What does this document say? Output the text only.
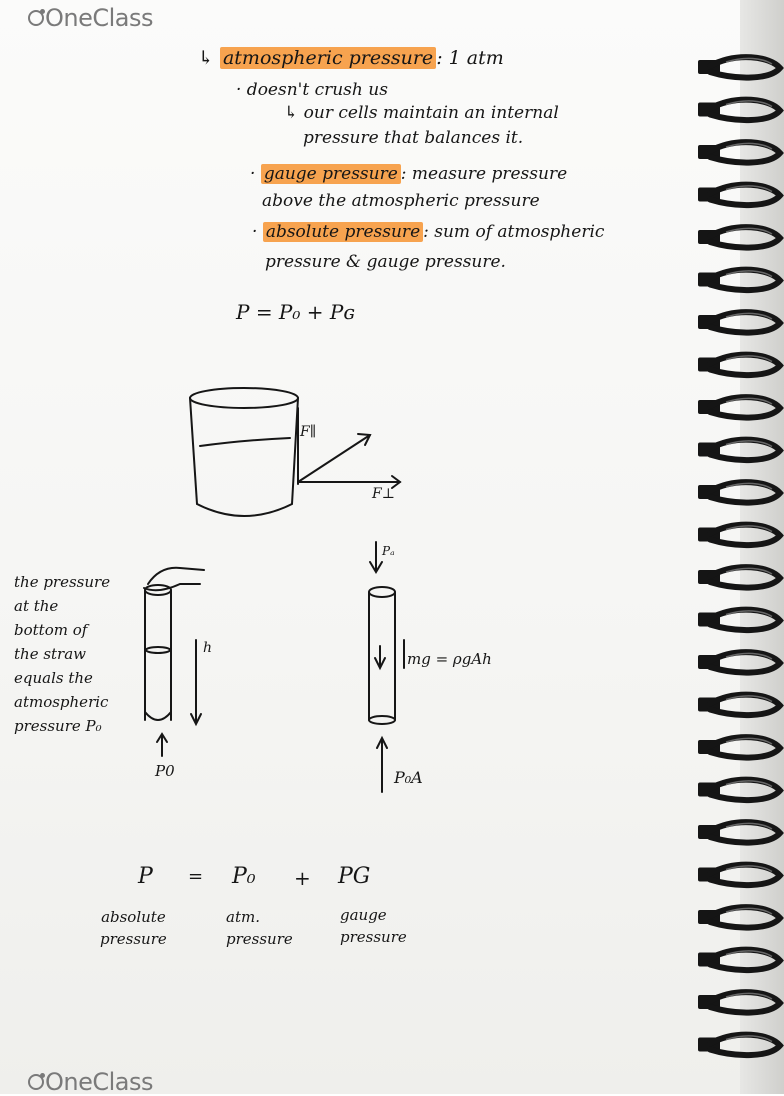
OneClass
↳ atmospheric pressure : 1 atm
· doesn't crush us
↳ our cells maintain an internal
pressure that balances it.
· gauge pressure : measure pressure
above the atmospheric pressure
· absolute pressure : sum of atmospheric
pressure & gauge pressure.
P = P₀ + Pɢ
F∥
F⊥
the pressure
at the
bottom of
the straw
equals the
atmospheric
pressure P₀
h
P0
Pₐ
mg = ρgAh
P₀A
P = P₀ + PG
absolute
pressure
atm.
pressure
gauge
pressure
OneClass
